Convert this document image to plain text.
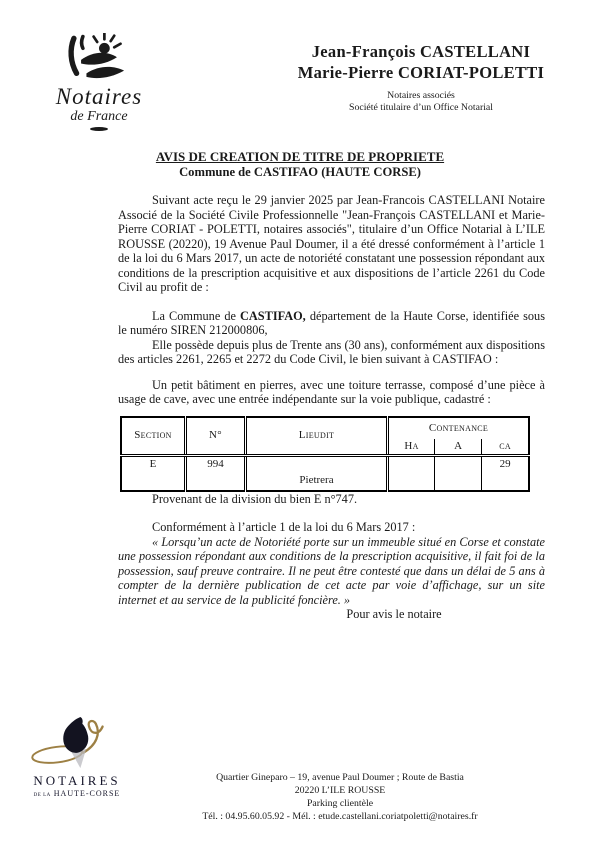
Notaires
de France
Jean-François CASTELLANI
Marie-Pierre CORIAT-POLETTI
Notaires associés
Société titulaire d’un Office Notarial
AVIS DE CREATION DE TITRE DE PROPRIETE
Commune de CASTIFAO (HAUTE CORSE)

Suivant acte reçu le 29 janvier 2025 par Jean-Francois CASTELLANI Notaire Associé de la Société Civile Professionnelle "Jean-François CASTELLANI et Marie-Pierre CORIAT - POLETTI, notaires associés", titulaire d’un Office Notarial à L’ILE ROUSSE (20220), 19 Avenue Paul Doumer, il a été dressé conformément à l’article 1 de la loi du 6 Mars 2017, un acte de notoriété constatant une possession répondant aux conditions de la prescription acquisitive et aux dispositions de l’article 2261 du Code Civil au profit de :

La Commune de CASTIFAO, département de la Haute Corse, identifiée sous le numéro SIREN 212000806,

Elle possède depuis plus de Trente ans (30 ans), conformément aux dispositions des articles 2261, 2265 et 2272 du Code Civil, le bien suivant à CASTIFAO :

Un petit bâtiment en pierres, avec une toiture terrasse, composé d’une pièce à usage de cave, avec une entrée indépendante sur la voie publique, cadastré :

Section	N°	Lieudit	Contenance		
			Ha	A	ca
E	994	Pietrera			29

Provenant de la division du bien E n°747.

Conformément à l’article 1 de la loi du 6 Mars 2017 :

« Lorsqu’un acte de Notoriété porte sur un immeuble situé en Corse et constate une possession répondant aux conditions de la prescription acquisitive, il fait foi de la possession, sauf preuve contraire. Il ne peut être contesté que dans un délai de 5 ans à compter de la dernière publication de cet acte par voie d’affichage, sur un site internet et au service de la publicité foncière. »

Pour avis le notaire

NOTAIRES
DE LA HAUTE-CORSE
Quartier Gineparo – 19, avenue Paul Doumer ; Route de Bastia
20220 L’ILE ROUSSE
Parking clientèle
Tél. : 04.95.60.05.92 - Mél. : etude.castellani.coriatpoletti@notaires.fr
